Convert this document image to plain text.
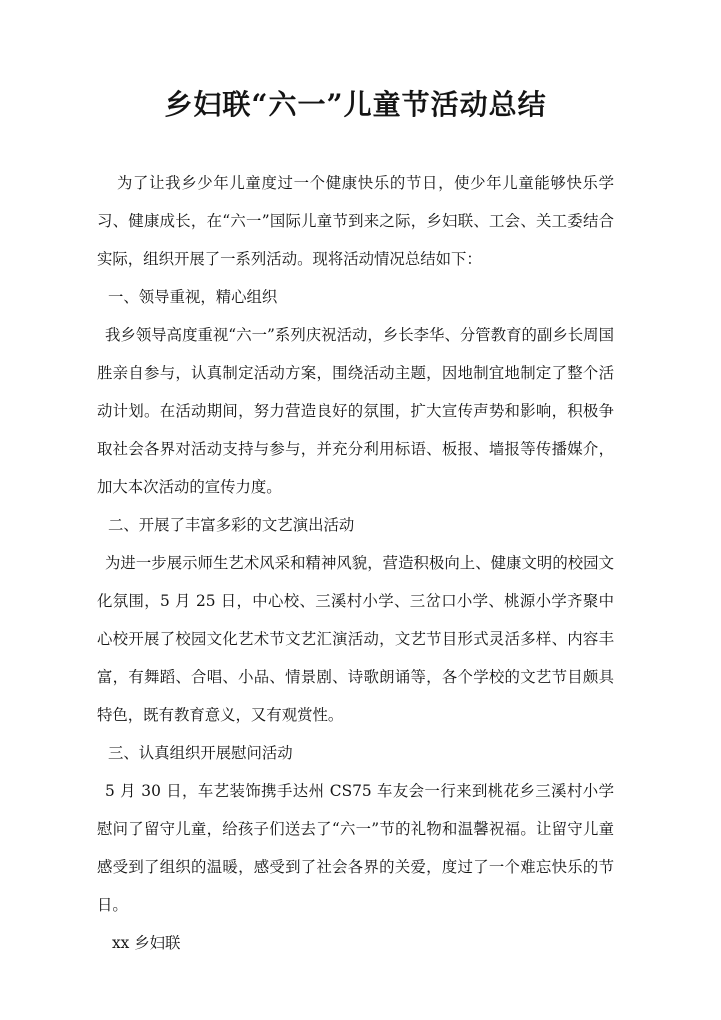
乡妇联“六一”儿童节活动总结

为了让我乡少年儿童度过一个健康快乐的节日，使少年儿童能够快乐学习、健康成长，在“六一”国际儿童节到来之际，乡妇联、工会、关工委结合实际，组织开展了一系列活动。现将活动情况总结如下：

一、领导重视，精心组织

我乡领导高度重视“六一”系列庆祝活动，乡长李华、分管教育的副乡长周国胜亲自参与，认真制定活动方案，围绕活动主题，因地制宜地制定了整个活动计划。在活动期间，努力营造良好的氛围，扩大宣传声势和影响，积极争取社会各界对活动支持与参与，并充分利用标语、板报、墙报等传播媒介，加大本次活动的宣传力度。

二、开展了丰富多彩的文艺演出活动

为进一步展示师生艺术风采和精神风貌，营造积极向上、健康文明的校园文化氛围，5 月 25 日，中心校、三溪村小学、三岔口小学、桃源小学齐聚中心校开展了校园文化艺术节文艺汇演活动，文艺节目形式灵活多样、内容丰富，有舞蹈、合唱、小品、情景剧、诗歌朗诵等，各个学校的文艺节目颇具特色，既有教育意义，又有观赏性。

三、认真组织开展慰问活动

5 月 30 日，车艺装饰携手达州 CS75 车友会一行来到桃花乡三溪村小学慰问了留守儿童，给孩子们送去了“六一”节的礼物和温馨祝福。让留守儿童感受到了组织的温暖，感受到了社会各界的关爱，度过了一个难忘快乐的节日。

xx 乡妇联
